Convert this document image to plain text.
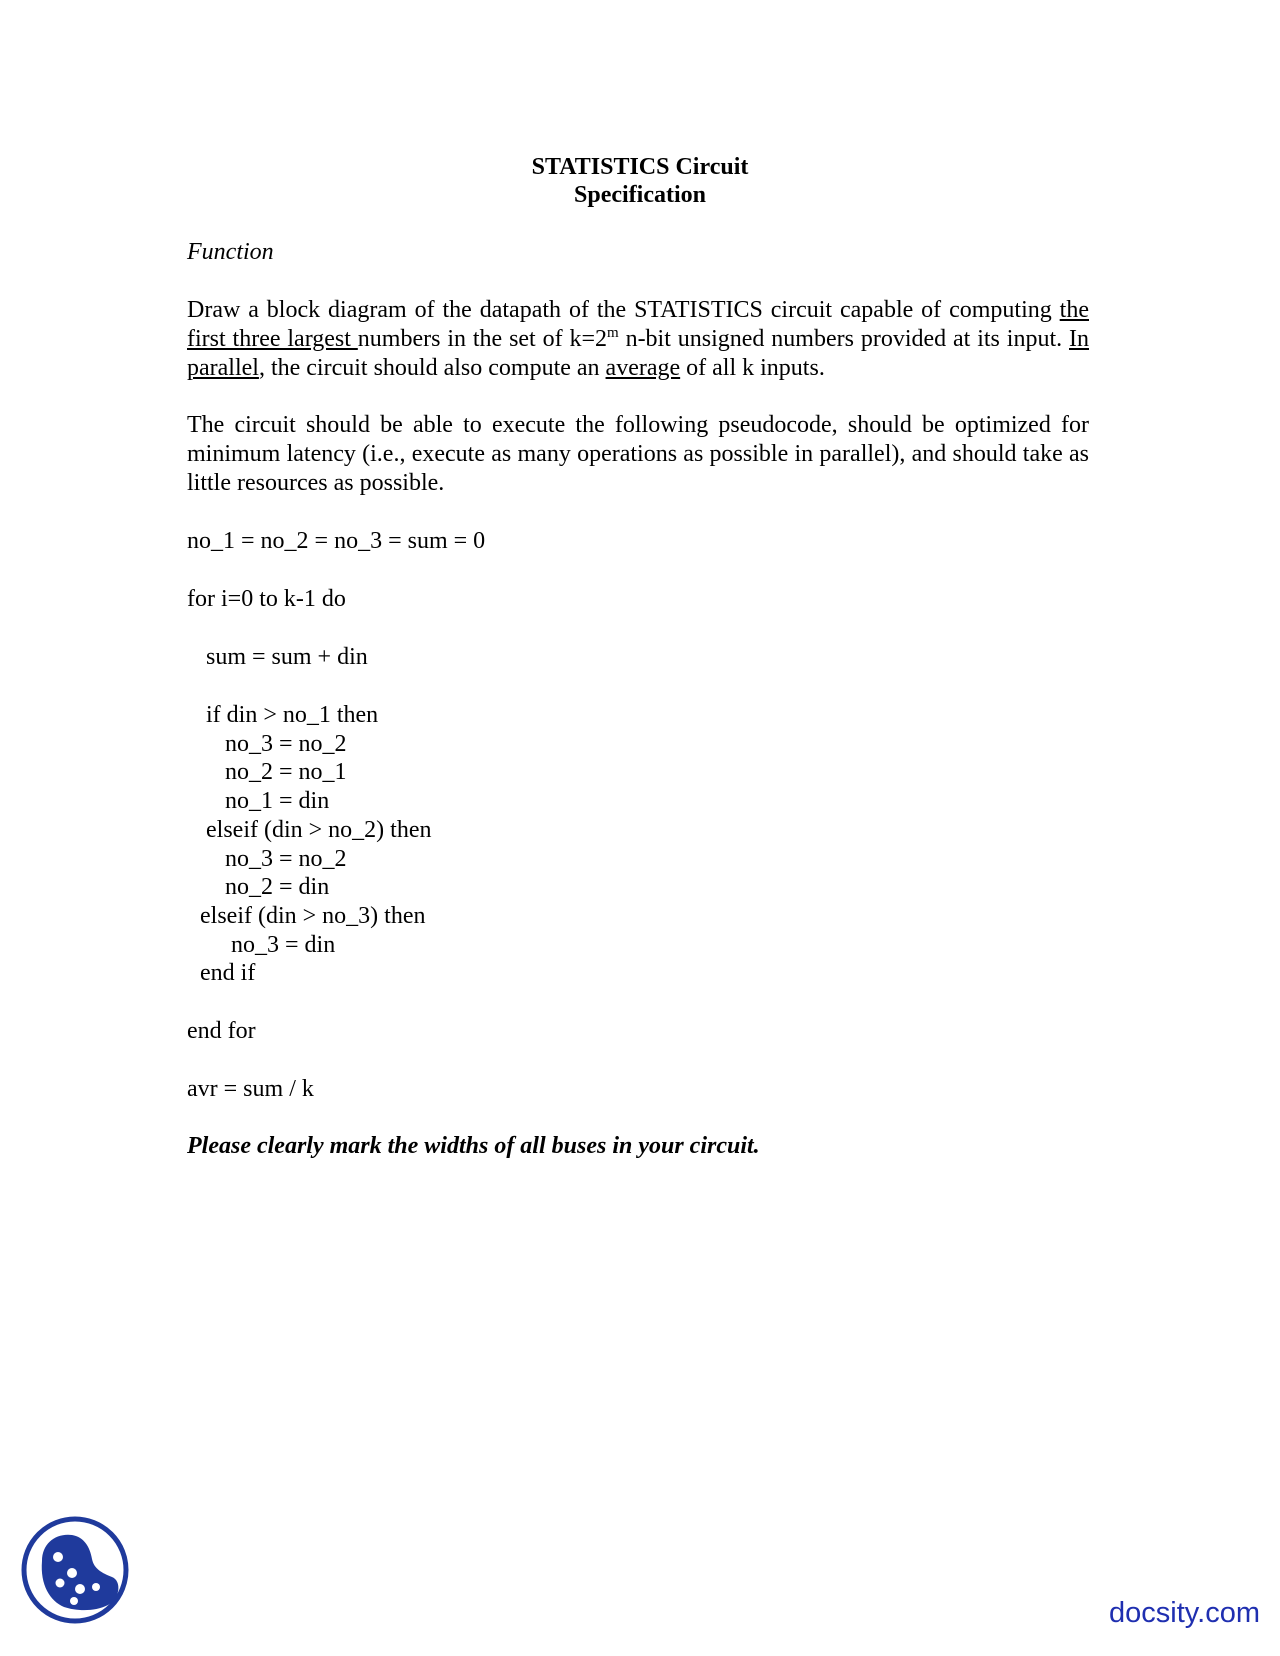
STATISTICS Circuit
Specification
Function
Draw a block diagram of the datapath of the STATISTICS circuit capable of computing the first three largest numbers in the set of $k=2^m$ n-bit unsigned numbers provided at its input. In parallel, the circuit should also compute an average of all k inputs.
The circuit should be able to execute the following pseudocode, should be optimized for minimum latency (i.e., execute as many operations as possible in parallel), and should take as little resources as possible.
no_1 = no_2 = no_3 = sum = 0
for i=0 to k-1 do
sum = sum + din
if din > no_1 then
no_3 = no_2
no_2 = no_1
no_1 = din
elseif (din > no_2) then
no_3 = no_2
no_2 = din
elseif (din > no_3) then
no_3 = din
end if
end for
avr = sum / k
Please clearly mark the widths of all buses in your circuit.
docsity.com
